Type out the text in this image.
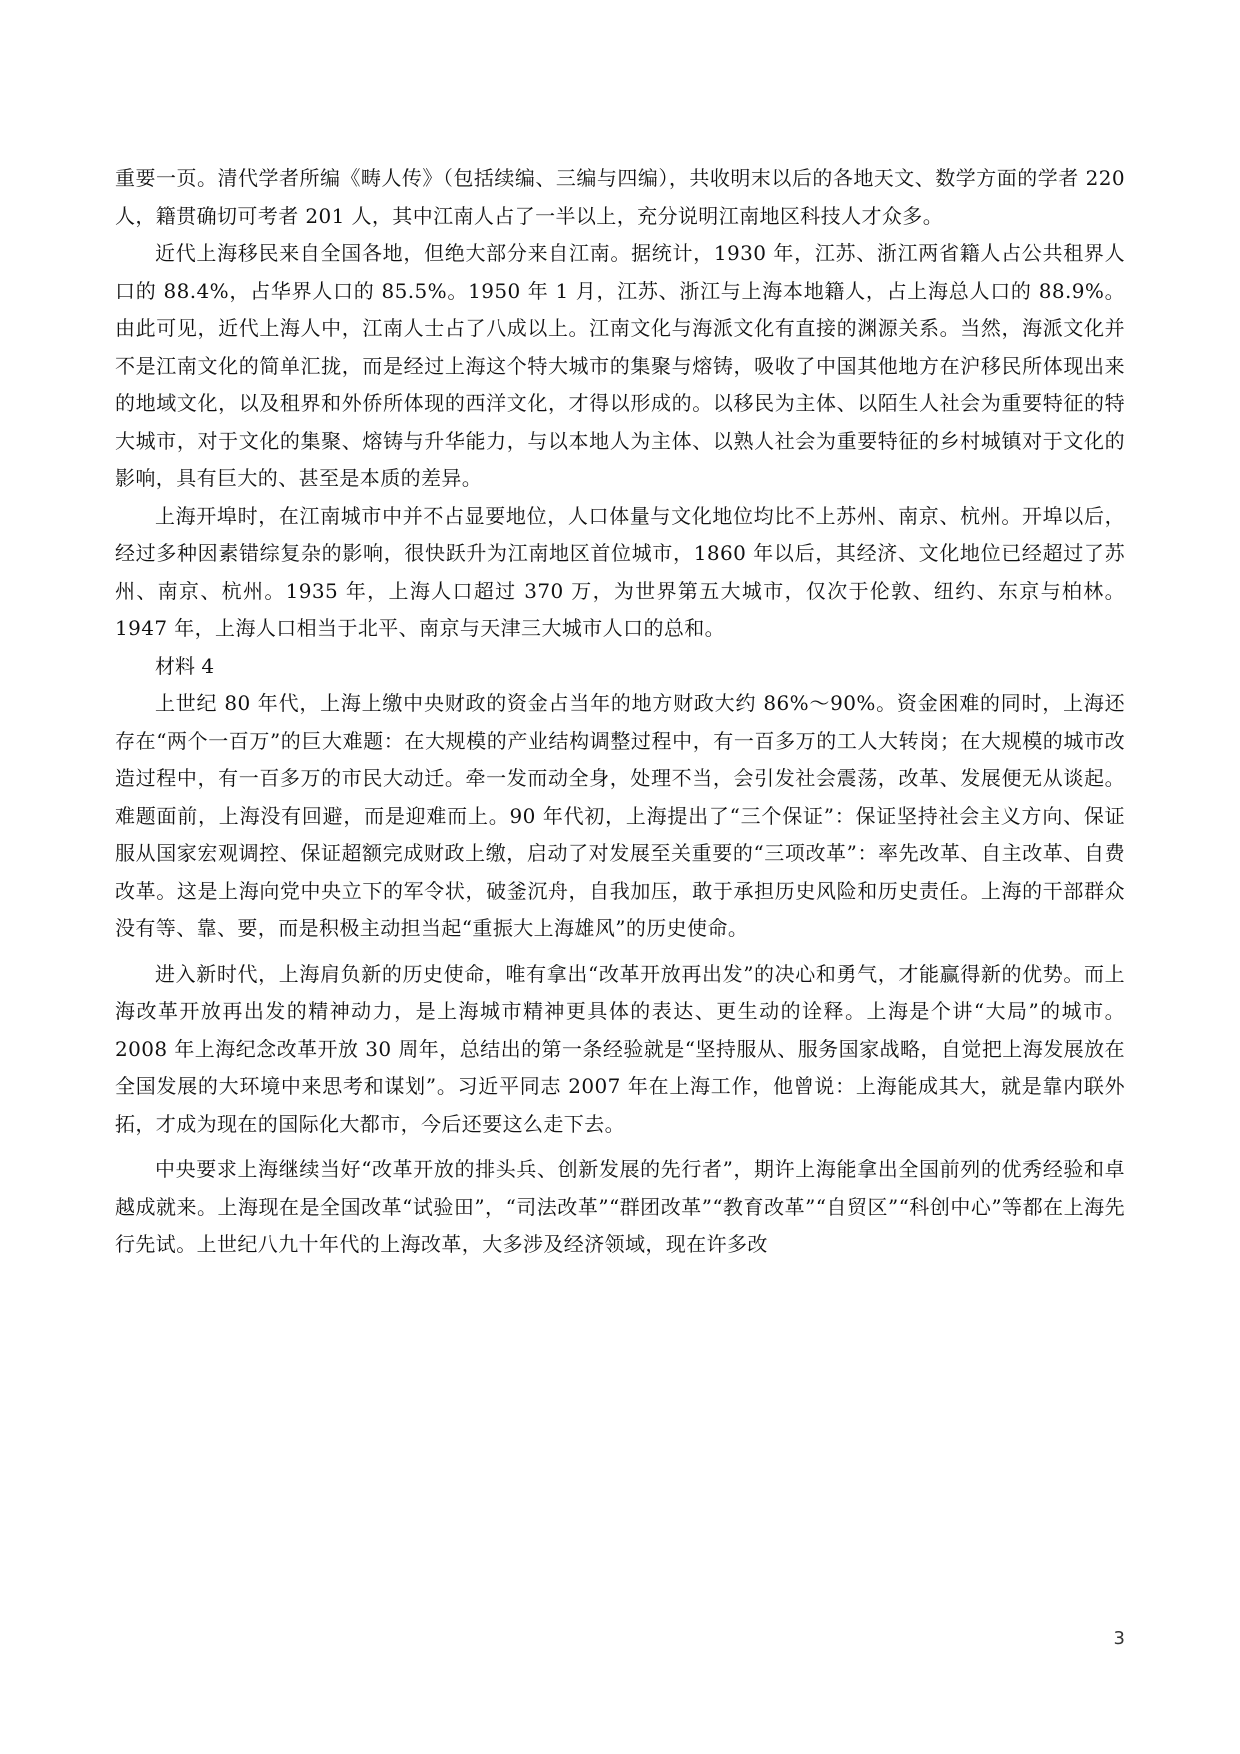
重要一页。清代学者所编《畴人传》（包括续编、三编与四编），共收明末以后的各地天文、数学方面的学者 220 人，籍贯确切可考者 201 人，其中江南人占了一半以上，充分说明江南地区科技人才众多。

近代上海移民来自全国各地，但绝大部分来自江南。据统计，1930 年，江苏、浙江两省籍人占公共租界人口的 88.4%，占华界人口的 85.5%。1950 年 1 月，江苏、浙江与上海本地籍人，占上海总人口的 88.9%。由此可见，近代上海人中，江南人士占了八成以上。江南文化与海派文化有直接的渊源关系。当然，海派文化并不是江南文化的简单汇拢，而是经过上海这个特大城市的集聚与熔铸，吸收了中国其他地方在沪移民所体现出来的地域文化，以及租界和外侨所体现的西洋文化，才得以形成的。以移民为主体、以陌生人社会为重要特征的特大城市，对于文化的集聚、熔铸与升华能力，与以本地人为主体、以熟人社会为重要特征的乡村城镇对于文化的影响，具有巨大的、甚至是本质的差异。

上海开埠时，在江南城市中并不占显要地位，人口体量与文化地位均比不上苏州、南京、杭州。开埠以后，经过多种因素错综复杂的影响，很快跃升为江南地区首位城市，1860 年以后，其经济、文化地位已经超过了苏州、南京、杭州。1935 年，上海人口超过 370 万，为世界第五大城市，仅次于伦敦、纽约、东京与柏林。1947 年，上海人口相当于北平、南京与天津三大城市人口的总和。

材料 4

上世纪 80 年代，上海上缴中央财政的资金占当年的地方财政大约 86%～90%。资金困难的同时，上海还存在“两个一百万”的巨大难题：在大规模的产业结构调整过程中，有一百多万的工人大转岗；在大规模的城市改造过程中，有一百多万的市民大动迁。牵一发而动全身，处理不当，会引发社会震荡，改革、发展便无从谈起。难题面前，上海没有回避，而是迎难而上。90 年代初，上海提出了“三个保证”：保证坚持社会主义方向、保证服从国家宏观调控、保证超额完成财政上缴，启动了对发展至关重要的“三项改革”：率先改革、自主改革、自费改革。这是上海向党中央立下的军令状，破釜沉舟，自我加压，敢于承担历史风险和历史责任。上海的干部群众没有等、靠、要，而是积极主动担当起“重振大上海雄风”的历史使命。

进入新时代，上海肩负新的历史使命，唯有拿出“改革开放再出发”的决心和勇气，才能赢得新的优势。而上海改革开放再出发的精神动力，是上海城市精神更具体的表达、更生动的诠释。上海是个讲“大局”的城市。2008 年上海纪念改革开放 30 周年，总结出的第一条经验就是“坚持服从、服务国家战略，自觉把上海发展放在全国发展的大环境中来思考和谋划”。习近平同志 2007 年在上海工作，他曾说：上海能成其大，就是靠内联外拓，才成为现在的国际化大都市，今后还要这么走下去。

中央要求上海继续当好“改革开放的排头兵、创新发展的先行者”，期许上海能拿出全国前列的优秀经验和卓越成就来。上海现在是全国改革“试验田”，“司法改革”“群团改革”“教育改革”“自贸区”“科创中心”等都在上海先行先试。上世纪八九十年代的上海改革，大多涉及经济领域，现在许多改

3
